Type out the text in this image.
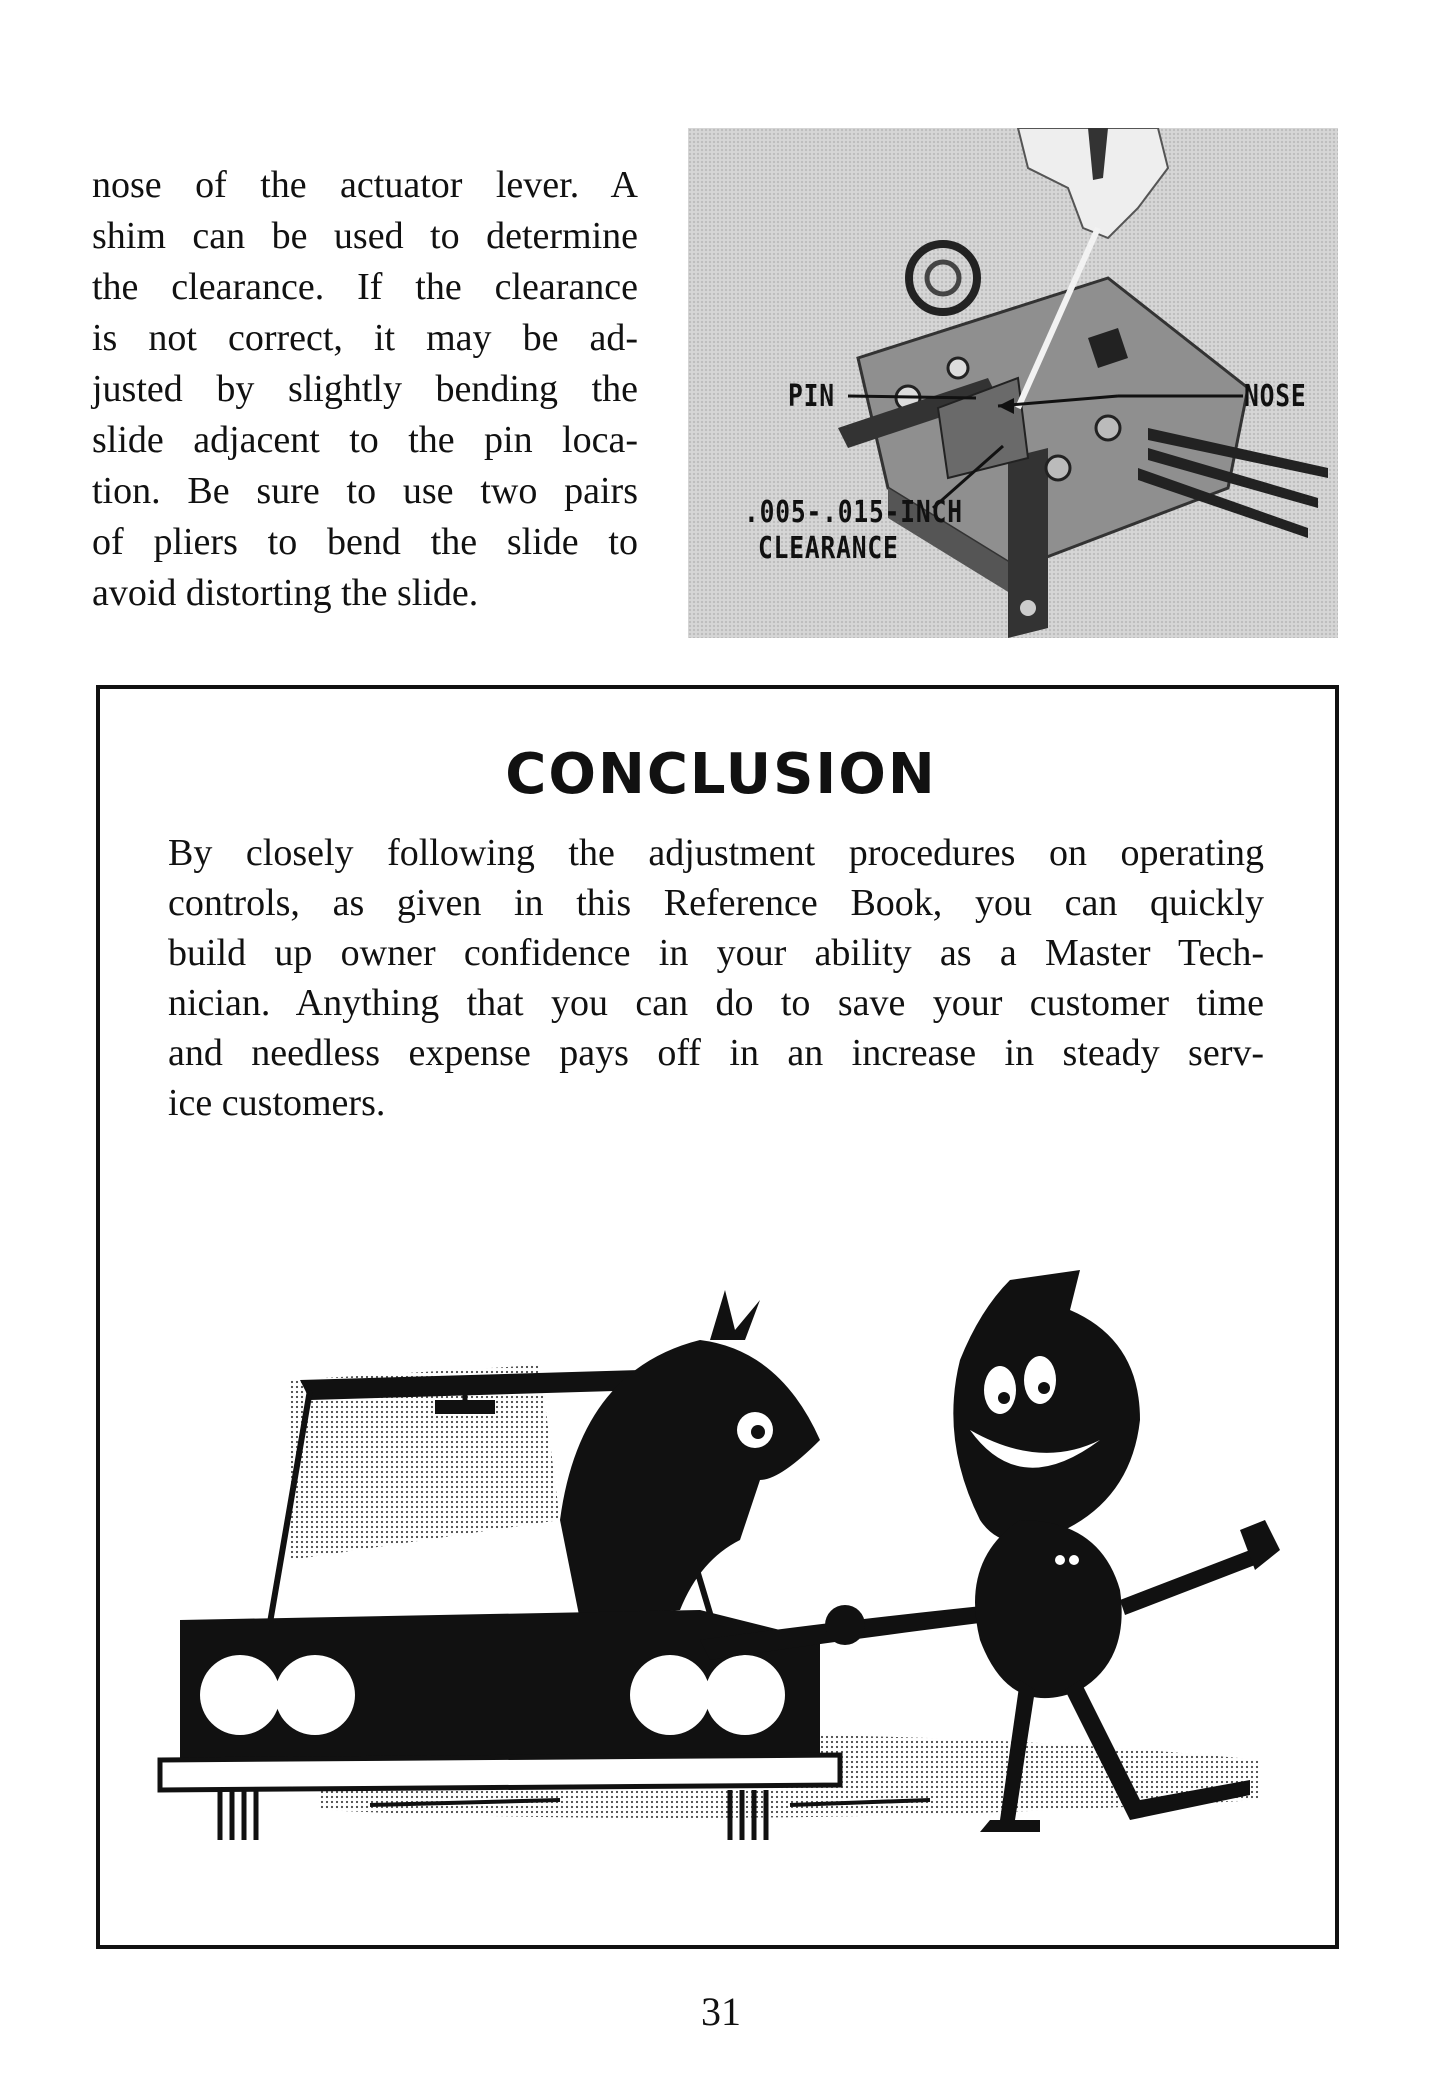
nose of the actuator lever. A
shim can be used to determine
the clearance. If the clearance
is not correct, it may be ad-
justed by slightly bending the
slide adjacent to the pin loca-
tion. Be sure to use two pairs
of pliers to bend the slide to
avoid distorting the slide.

PIN	NOSE
.005-.015-INCH
CLEARANCE
CONCLUSION

By closely following the adjustment procedures on operating
controls, as given in this Reference Book, you can quickly
build up owner confidence in your ability as a Master Tech-
nician. Anything that you can do to save your customer time
and needless expense pays off in an increase in steady serv-
ice customers.

31
